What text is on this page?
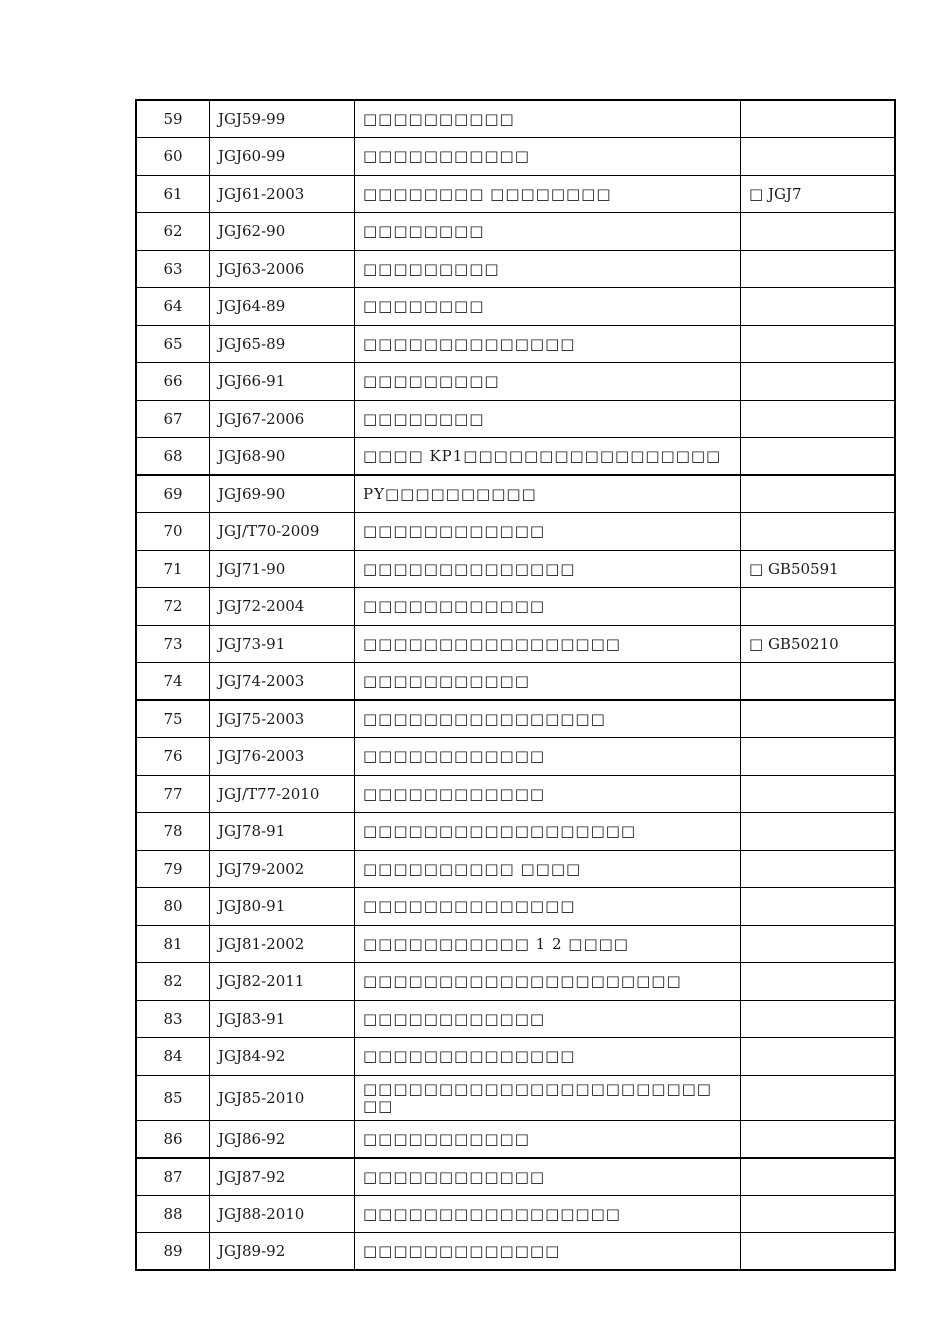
59	JGJ59-99	□□□□□□□□□□	
60	JGJ60-99	□□□□□□□□□□□	
61	JGJ61-2003	□□□□□□□□ □□□□□□□□	□ JGJ7
62	JGJ62-90	□□□□□□□□	
63	JGJ63-2006	□□□□□□□□□	
64	JGJ64-89	□□□□□□□□	
65	JGJ65-89	□□□□□□□□□□□□□□	
66	JGJ66-91	□□□□□□□□□	
67	JGJ67-2006	□□□□□□□□	
68	JGJ68-90	□□□□ KP1□□□□□□□□□□□□□□□□□	
69	JGJ69-90	PY□□□□□□□□□□	
70	JGJ/T70-2009	□□□□□□□□□□□□	
71	JGJ71-90	□□□□□□□□□□□□□□	□ GB50591
72	JGJ72-2004	□□□□□□□□□□□□	
73	JGJ73-91	□□□□□□□□□□□□□□□□□	□ GB50210
74	JGJ74-2003	□□□□□□□□□□□	
75	JGJ75-2003	□□□□□□□□□□□□□□□□	
76	JGJ76-2003	□□□□□□□□□□□□	
77	JGJ/T77-2010	□□□□□□□□□□□□	
78	JGJ78-91	□□□□□□□□□□□□□□□□□□	
79	JGJ79-2002	□□□□□□□□□□ □□□□	
80	JGJ80-91	□□□□□□□□□□□□□□	
81	JGJ81-2002	□□□□□□□□□□□ 1 2 □□□□	
82	JGJ82-2011	□□□□□□□□□□□□□□□□□□□□□	
83	JGJ83-91	□□□□□□□□□□□□	
84	JGJ84-92	□□□□□□□□□□□□□□	
85	JGJ85-2010	□□□□□□□□□□□□□□□□□□□□□□□ □□	
86	JGJ86-92	□□□□□□□□□□□	
87	JGJ87-92	□□□□□□□□□□□□	
88	JGJ88-2010	□□□□□□□□□□□□□□□□□	
89	JGJ89-92	□□□□□□□□□□□□□	
